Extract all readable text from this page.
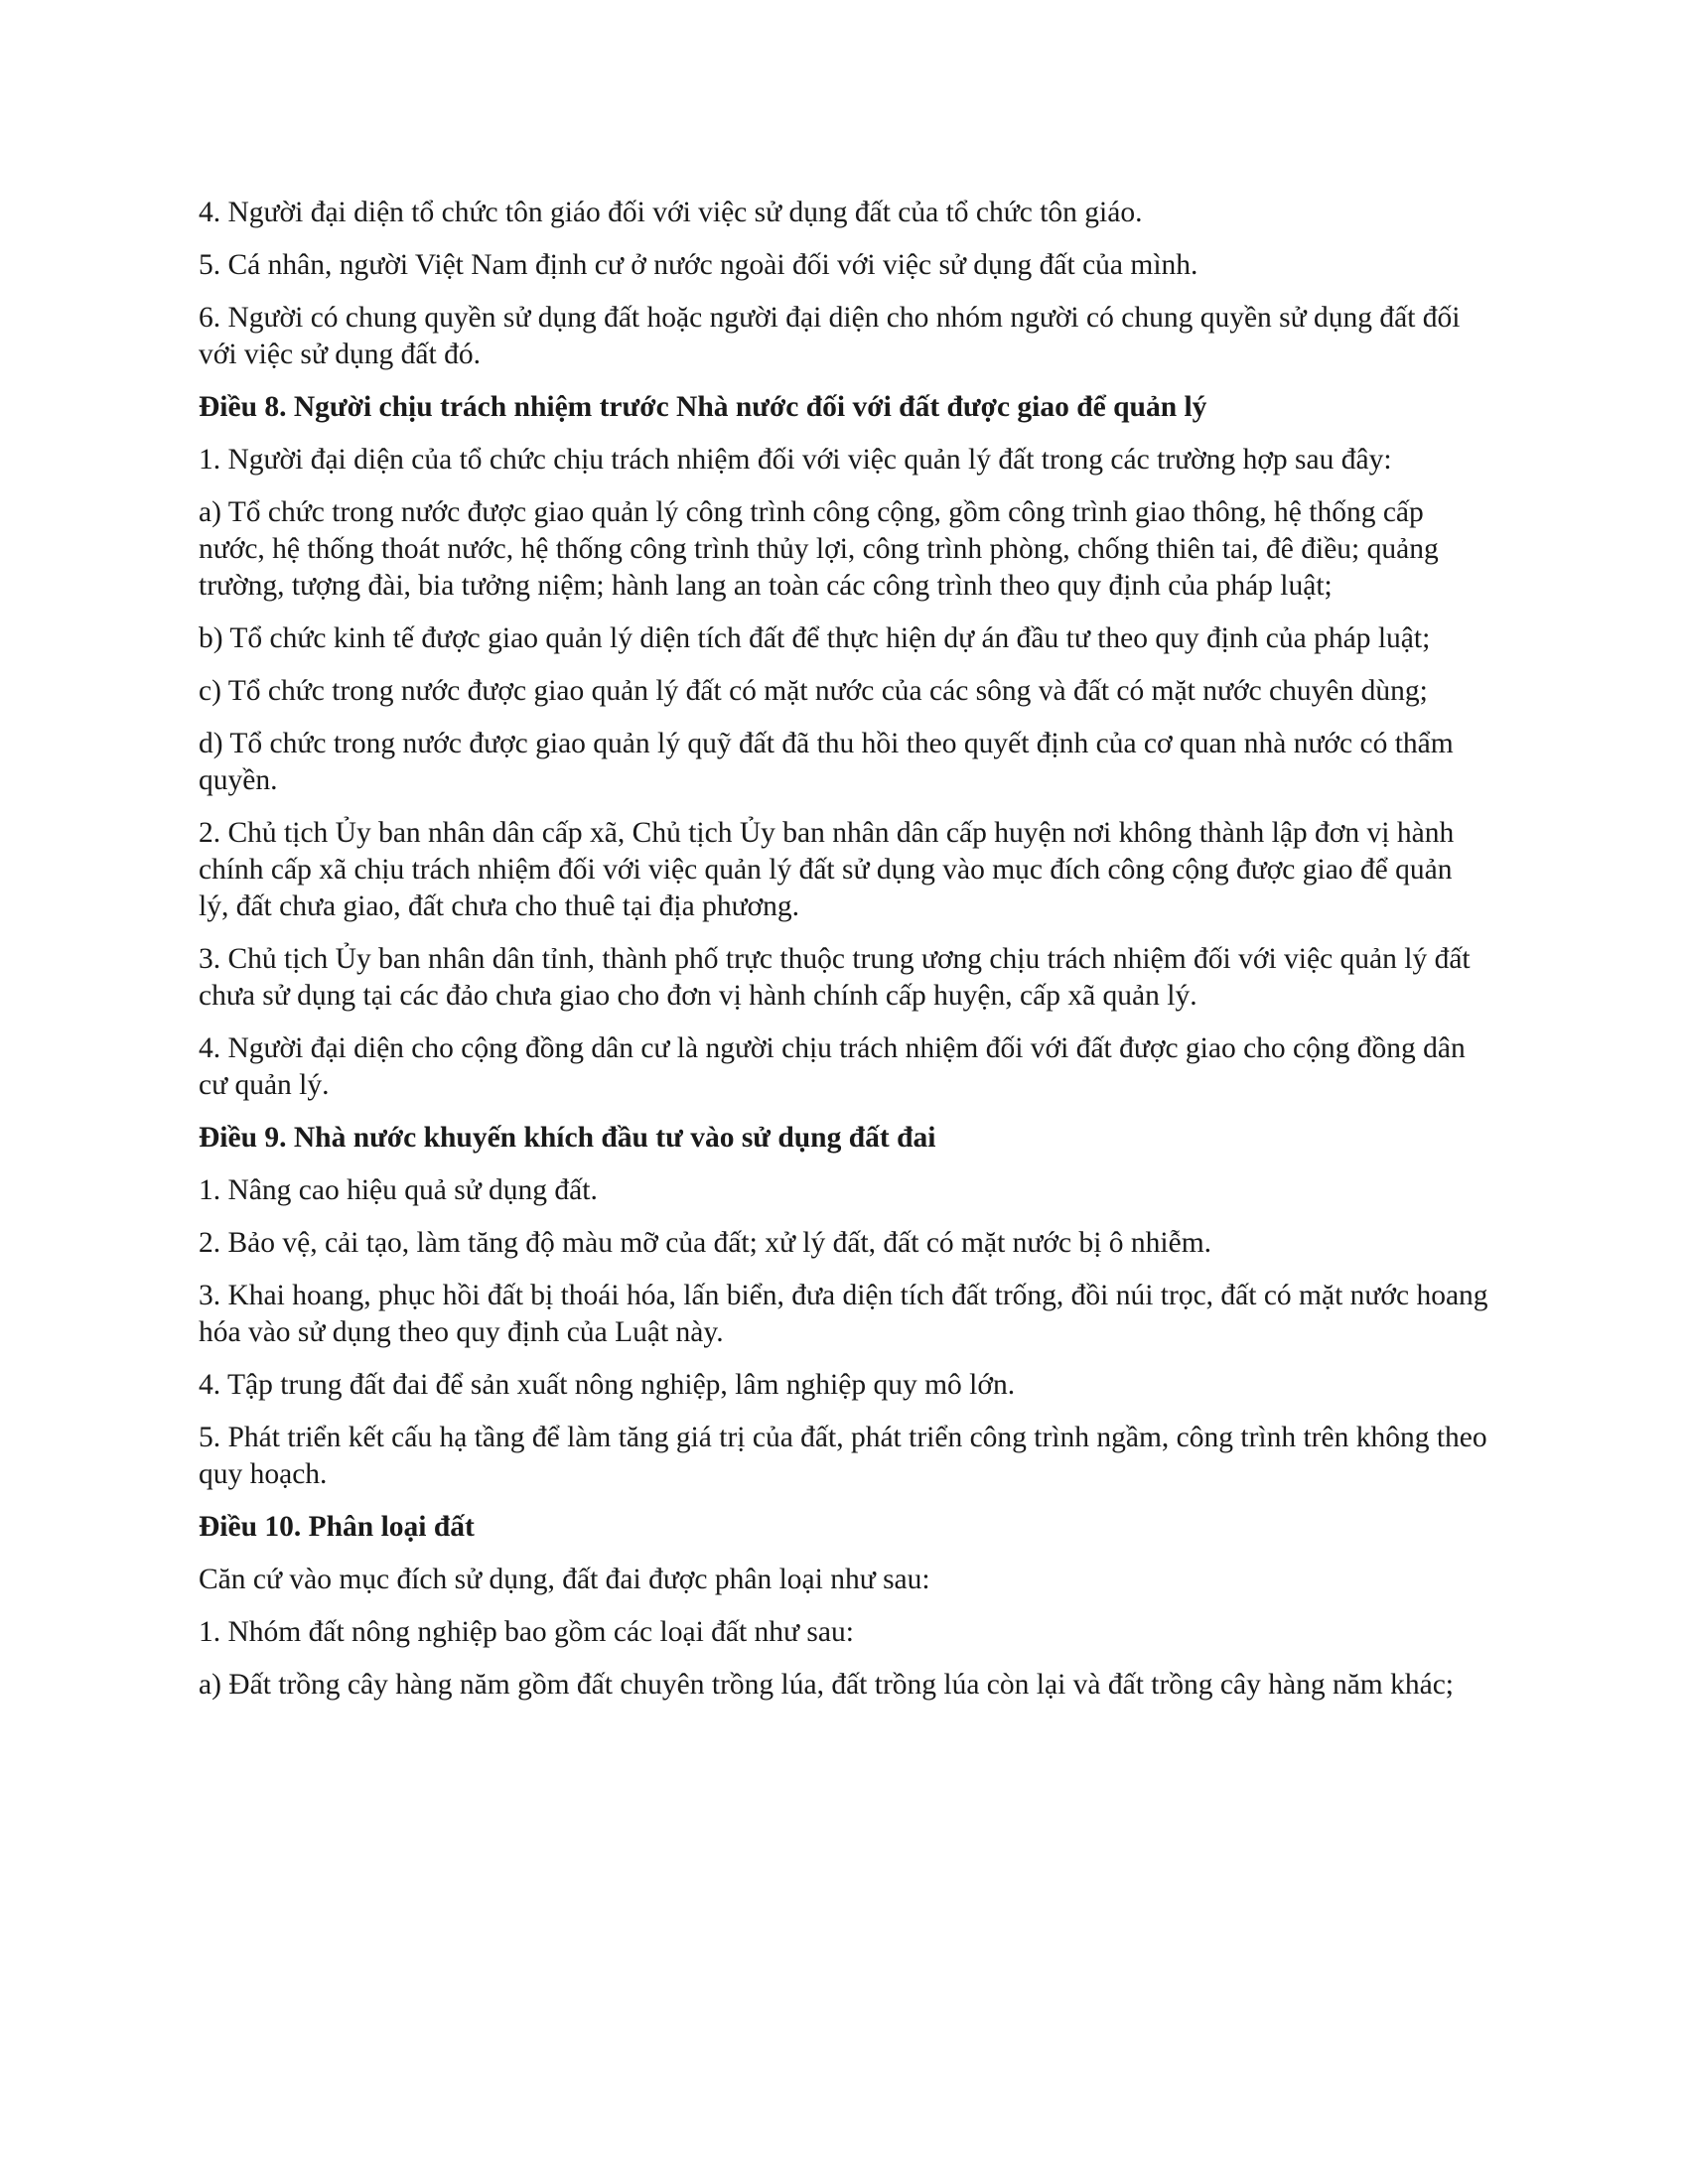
4. Người đại diện tổ chức tôn giáo đối với việc sử dụng đất của tổ chức tôn giáo.

5. Cá nhân, người Việt Nam định cư ở nước ngoài đối với việc sử dụng đất của mình.

6. Người có chung quyền sử dụng đất hoặc người đại diện cho nhóm người có chung quyền sử dụng đất đối với việc sử dụng đất đó.

Điều 8. Người chịu trách nhiệm trước Nhà nước đối với đất được giao để quản lý

1. Người đại diện của tổ chức chịu trách nhiệm đối với việc quản lý đất trong các trường hợp sau đây:

a) Tổ chức trong nước được giao quản lý công trình công cộng, gồm công trình giao thông, hệ thống cấp nước, hệ thống thoát nước, hệ thống công trình thủy lợi, công trình phòng, chống thiên tai, đê điều; quảng trường, tượng đài, bia tưởng niệm; hành lang an toàn các công trình theo quy định của pháp luật;

b) Tổ chức kinh tế được giao quản lý diện tích đất để thực hiện dự án đầu tư theo quy định của pháp luật;

c) Tổ chức trong nước được giao quản lý đất có mặt nước của các sông và đất có mặt nước chuyên dùng;

d) Tổ chức trong nước được giao quản lý quỹ đất đã thu hồi theo quyết định của cơ quan nhà nước có thẩm quyền.

2. Chủ tịch Ủy ban nhân dân cấp xã, Chủ tịch Ủy ban nhân dân cấp huyện nơi không thành lập đơn vị hành chính cấp xã chịu trách nhiệm đối với việc quản lý đất sử dụng vào mục đích công cộng được giao để quản lý, đất chưa giao, đất chưa cho thuê tại địa phương.

3. Chủ tịch Ủy ban nhân dân tỉnh, thành phố trực thuộc trung ương chịu trách nhiệm đối với việc quản lý đất chưa sử dụng tại các đảo chưa giao cho đơn vị hành chính cấp huyện, cấp xã quản lý.

4. Người đại diện cho cộng đồng dân cư là người chịu trách nhiệm đối với đất được giao cho cộng đồng dân cư quản lý.

Điều 9. Nhà nước khuyến khích đầu tư vào sử dụng đất đai

1. Nâng cao hiệu quả sử dụng đất.

2. Bảo vệ, cải tạo, làm tăng độ màu mỡ của đất; xử lý đất, đất có mặt nước bị ô nhiễm.

3. Khai hoang, phục hồi đất bị thoái hóa, lấn biển, đưa diện tích đất trống, đồi núi trọc, đất có mặt nước hoang hóa vào sử dụng theo quy định của Luật này.

4. Tập trung đất đai để sản xuất nông nghiệp, lâm nghiệp quy mô lớn.

5. Phát triển kết cấu hạ tầng để làm tăng giá trị của đất, phát triển công trình ngầm, công trình trên không theo quy hoạch.

Điều 10. Phân loại đất

Căn cứ vào mục đích sử dụng, đất đai được phân loại như sau:

1. Nhóm đất nông nghiệp bao gồm các loại đất như sau:

a) Đất trồng cây hàng năm gồm đất chuyên trồng lúa, đất trồng lúa còn lại và đất trồng cây hàng năm khác;
